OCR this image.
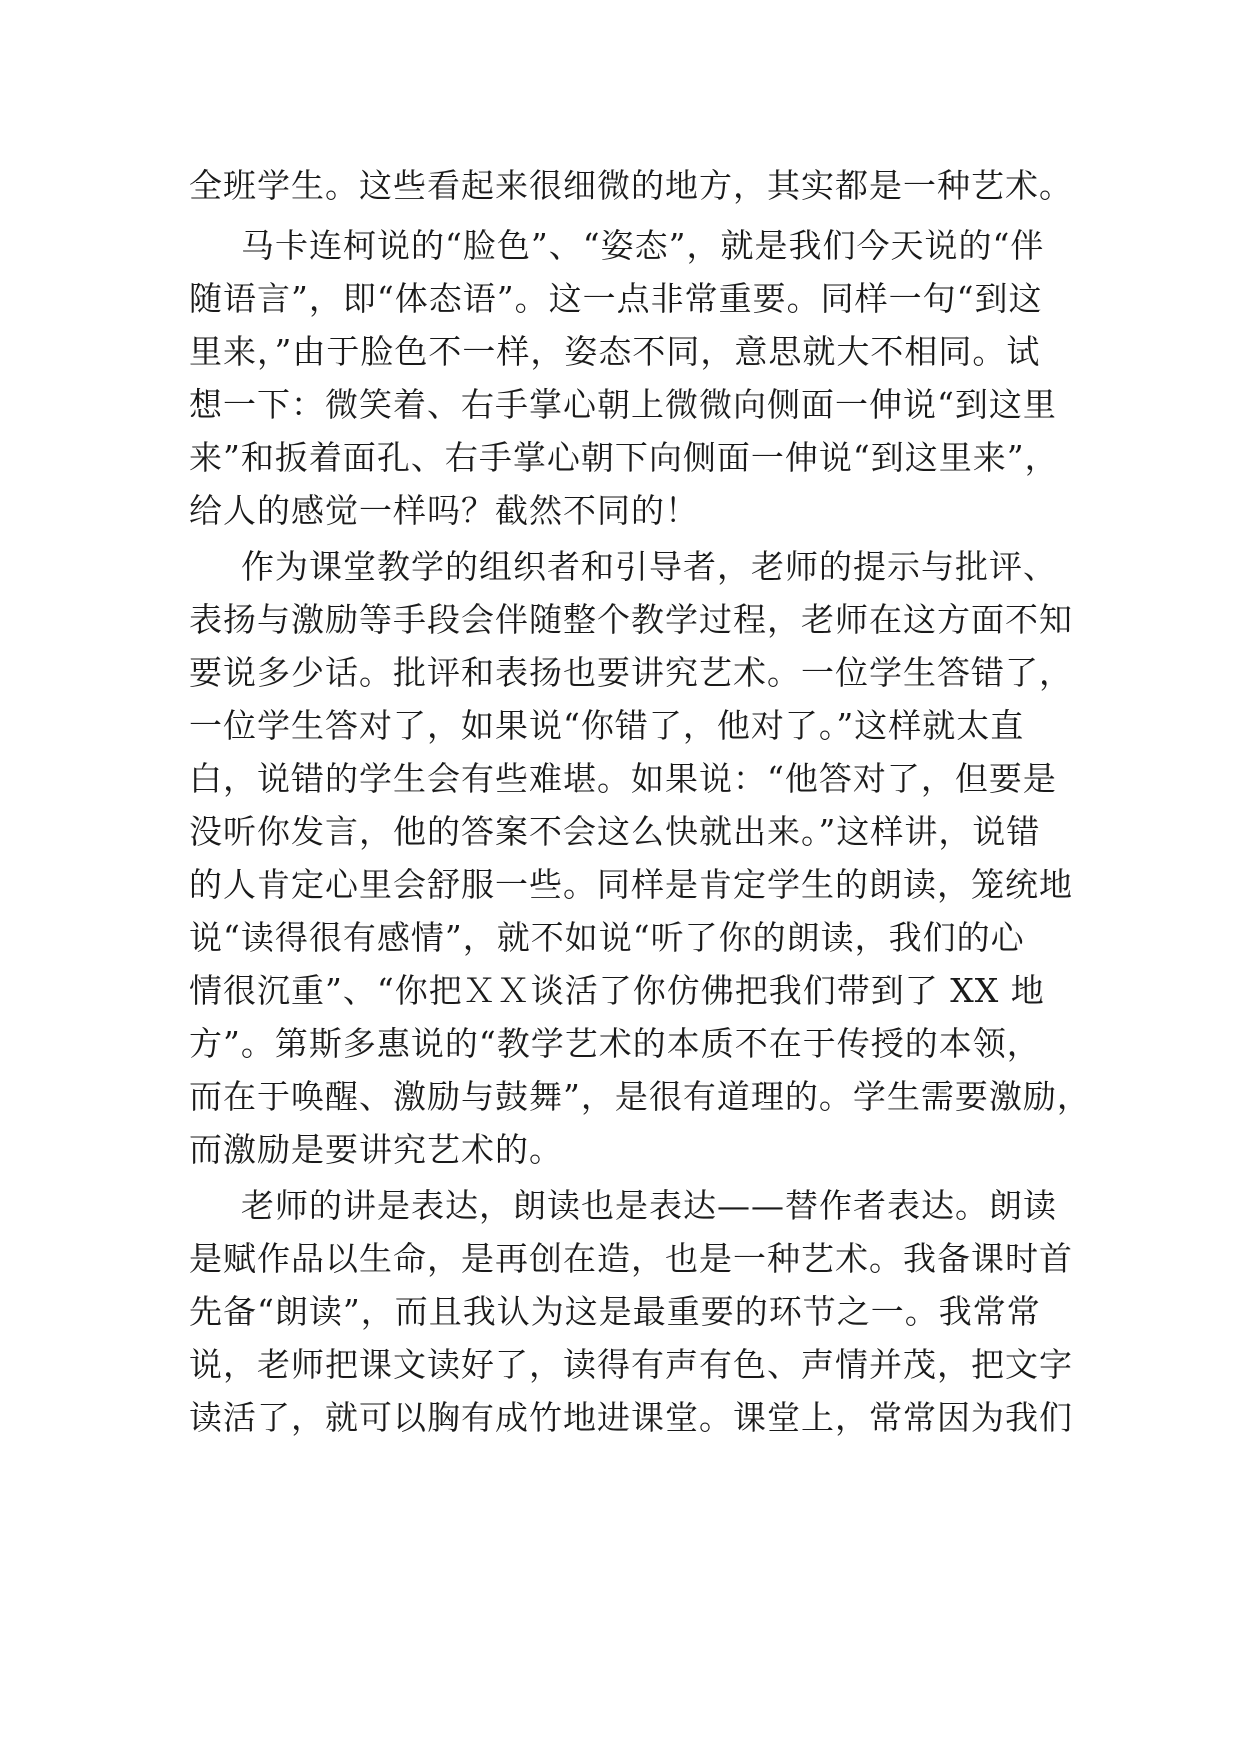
全班学生。这些看起来很细微的地方，其实都是一种艺术。
马卡连柯说的“脸色”、“姿态”，就是我们今天说的“伴
随语言”，即“体态语”。这一点非常重要。同样一句“到这
里来，”由于脸色不一样，姿态不同，意思就大不相同。试
想一下：微笑着、右手掌心朝上微微向侧面一伸说“到这里
来”和扳着面孔、右手掌心朝下向侧面一伸说“到这里来”，
给人的感觉一样吗？截然不同的！
作为课堂教学的组织者和引导者，老师的提示与批评、
表扬与激励等手段会伴随整个教学过程，老师在这方面不知
要说多少话。批评和表扬也要讲究艺术。一位学生答错了，
一位学生答对了，如果说“你错了，他对了。”这样就太直
白，说错的学生会有些难堪。如果说：“他答对了，但要是
没听你发言，他的答案不会这么快就出来。”这样讲，说错
的人肯定心里会舒服一些。同样是肯定学生的朗读，笼统地
说“读得很有感情”，就不如说“听了你的朗读，我们的心
情很沉重”、“你把ＸＸ谈活了你仿佛把我们带到了 XX 地
方”。第斯多惠说的“教学艺术的本质不在于传授的本领，
而在于唤醒、激励与鼓舞”，是很有道理的。学生需要激励，
而激励是要讲究艺术的。
老师的讲是表达，朗读也是表达——替作者表达。朗读
是赋作品以生命，是再创在造，也是一种艺术。我备课时首
先备“朗读”，而且我认为这是最重要的环节之一。我常常
说，老师把课文读好了，读得有声有色、声情并茂，把文字
读活了，就可以胸有成竹地进课堂。课堂上，常常因为我们
